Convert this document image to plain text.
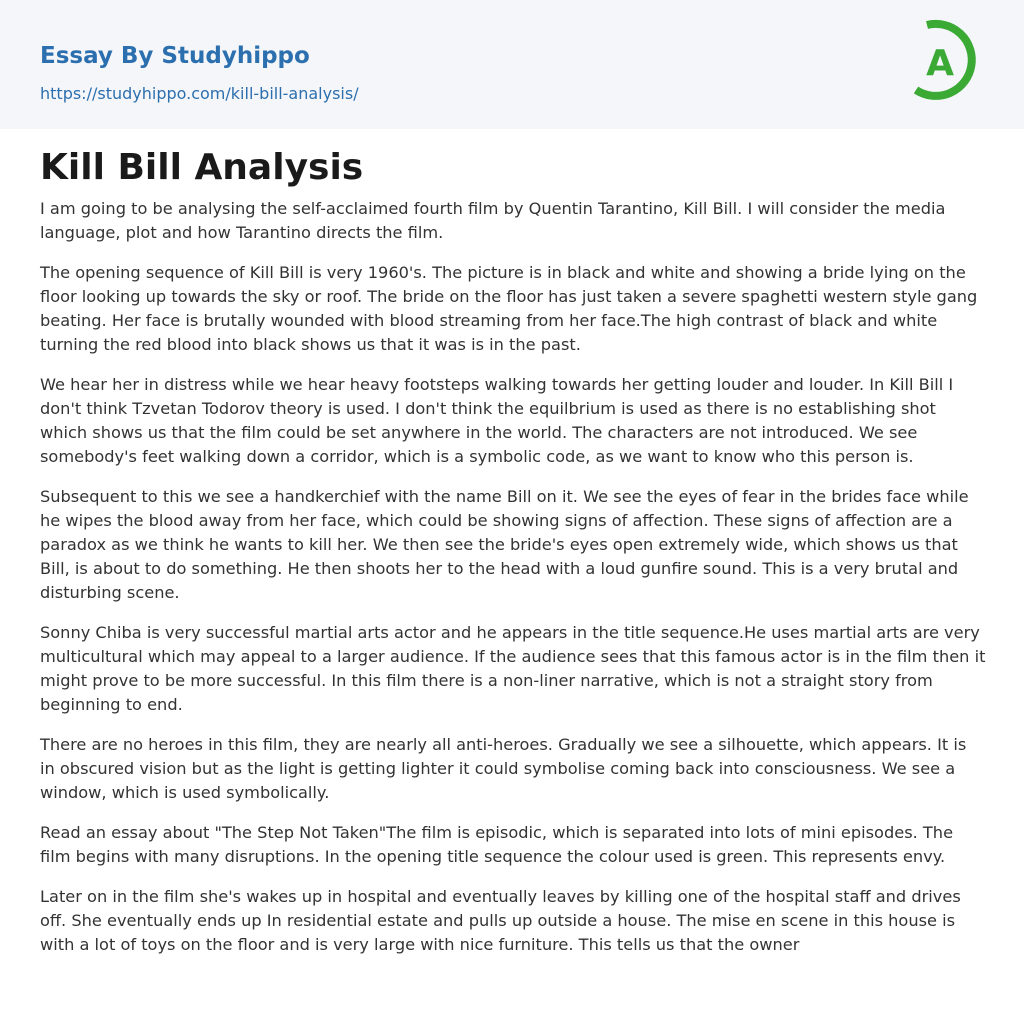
Essay By Studyhippo
https://studyhippo.com/kill-bill-analysis/
A
Kill Bill Analysis

I am going to be analysing the self-acclaimed fourth film by Quentin Tarantino, Kill Bill. I will consider the media language, plot and how Tarantino directs the film.

The opening sequence of Kill Bill is very 1960's. The picture is in black and white and showing a bride lying on the floor looking up towards the sky or roof. The bride on the floor has just taken a severe spaghetti western style gang beating. Her face is brutally wounded with blood streaming from her face.The high contrast of black and white turning the red blood into black shows us that it was is in the past.

We hear her in distress while we hear heavy footsteps walking towards her getting louder and louder. In Kill Bill I don't think Tzvetan Todorov theory is used. I don't think the equilbrium is used as there is no establishing shot which shows us that the film could be set anywhere in the world. The characters are not introduced. We see somebody's feet walking down a corridor, which is a symbolic code, as we want to know who this person is.

Subsequent to this we see a handkerchief with the name Bill on it. We see the eyes of fear in the brides face while he wipes the blood away from her face, which could be showing signs of affection. These signs of affection are a paradox as we think he wants to kill her. We then see the bride's eyes open extremely wide, which shows us that Bill, is about to do something. He then shoots her to the head with a loud gunfire sound. This is a very brutal and disturbing scene.

Sonny Chiba is very successful martial arts actor and he appears in the title sequence.He uses martial arts are very multicultural which may appeal to a larger audience. If the audience sees that this famous actor is in the film then it might prove to be more successful. In this film there is a non-liner narrative, which is not a straight story from beginning to end.

There are no heroes in this film, they are nearly all anti-heroes. Gradually we see a silhouette, which appears. It is in obscured vision but as the light is getting lighter it could symbolise coming back into consciousness. We see a window, which is used symbolically.

Read an essay about "The Step Not Taken"The film is episodic, which is separated into lots of mini episodes. The film begins with many disruptions. In the opening title sequence the colour used is green. This represents envy.

Later on in the film she's wakes up in hospital and eventually leaves by killing one of the hospital staff and drives off. She eventually ends up In residential estate and pulls up outside a house. The mise en scene in this house is with a lot of toys on the floor and is very large with nice furniture. This tells us that the owner
